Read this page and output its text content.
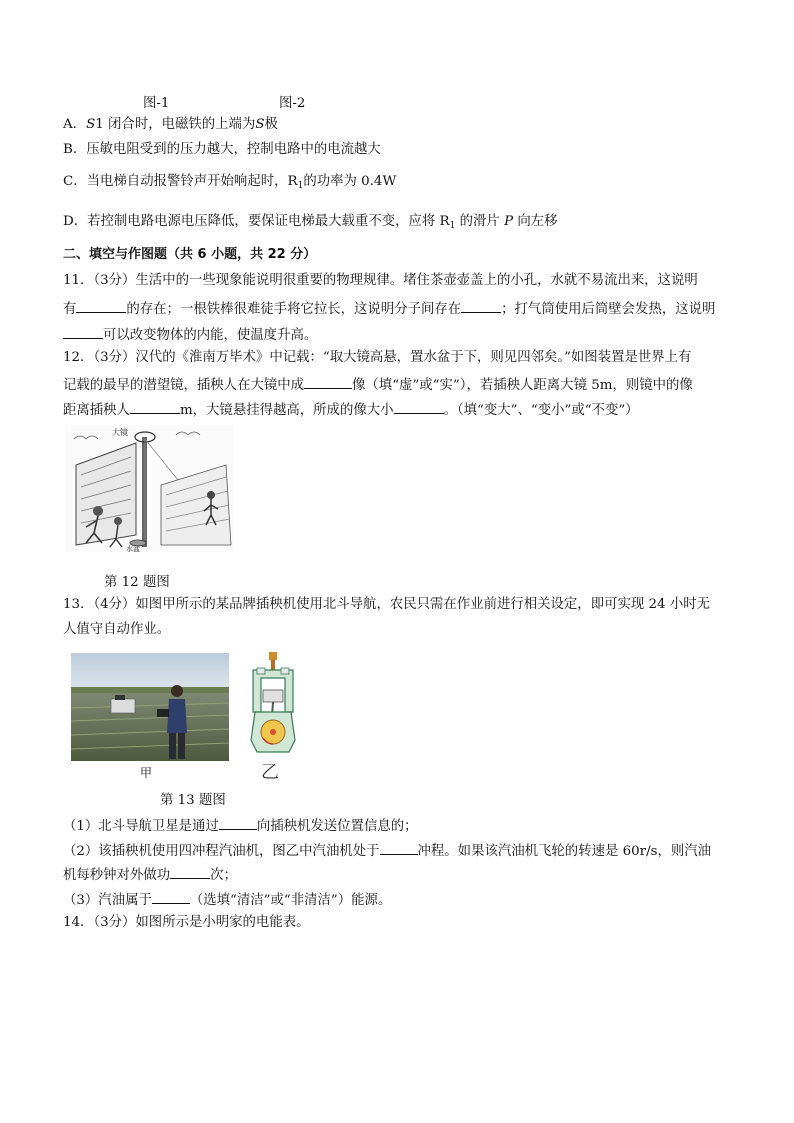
图-1	图-2
A．S1 闭合时，电磁铁的上端为S极
B．压敏电阻受到的压力越大，控制电路中的电流越大
C．当电梯自动报警铃声开始响起时，$R_1$的功率为 0.4W
D．若控制电路电源电压降低，要保证电梯最大载重不变，应将 $R_1$ 的滑片 P 向左移
二、填空与作图题（共 6 小题，共 22 分）
11．（3分）生活中的一些现象能说明很重要的物理规律。堵住茶壶壶盖上的小孔，水就不易流出来，这说明
有	的存在；一根铁棒很难徒手将它拉长，这说明分子间存在	；打气筒使用后筒壁会发热，这说明
可以改变物体的内能，使温度升高。
12．（3分）汉代的《淮南万毕术》中记载：“取大镜高悬，置水盆于下，则见四邻矣。”如图装置是世界上有
记载的最早的潜望镜，插秧人在大镜中成	像（填“虚”或“实”），若插秧人距离大镜 5m，则镜中的像
距离插秧人	m，大镜悬挂得越高，所成的像大小	。（填“变大”、“变小”或“不变”）
大镜
水盆
第 12 题图
13．（4分）如图甲所示的某品牌插秧机使用北斗导航，农民只需在作业前进行相关设定，即可实现 24 小时无
人值守自动作业。
甲	乙
第 13 题图
（1）北斗导航卫星是通过	向插秧机发送位置信息的；
（2）该插秧机使用四冲程汽油机，图乙中汽油机处于	冲程。如果该汽油机飞轮的转速是 60r/s，则汽油
机每秒钟对外做功	次；
（3）汽油属于	（选填“清洁”或“非清洁”）能源。
14．（3分）如图所示是小明家的电能表。
